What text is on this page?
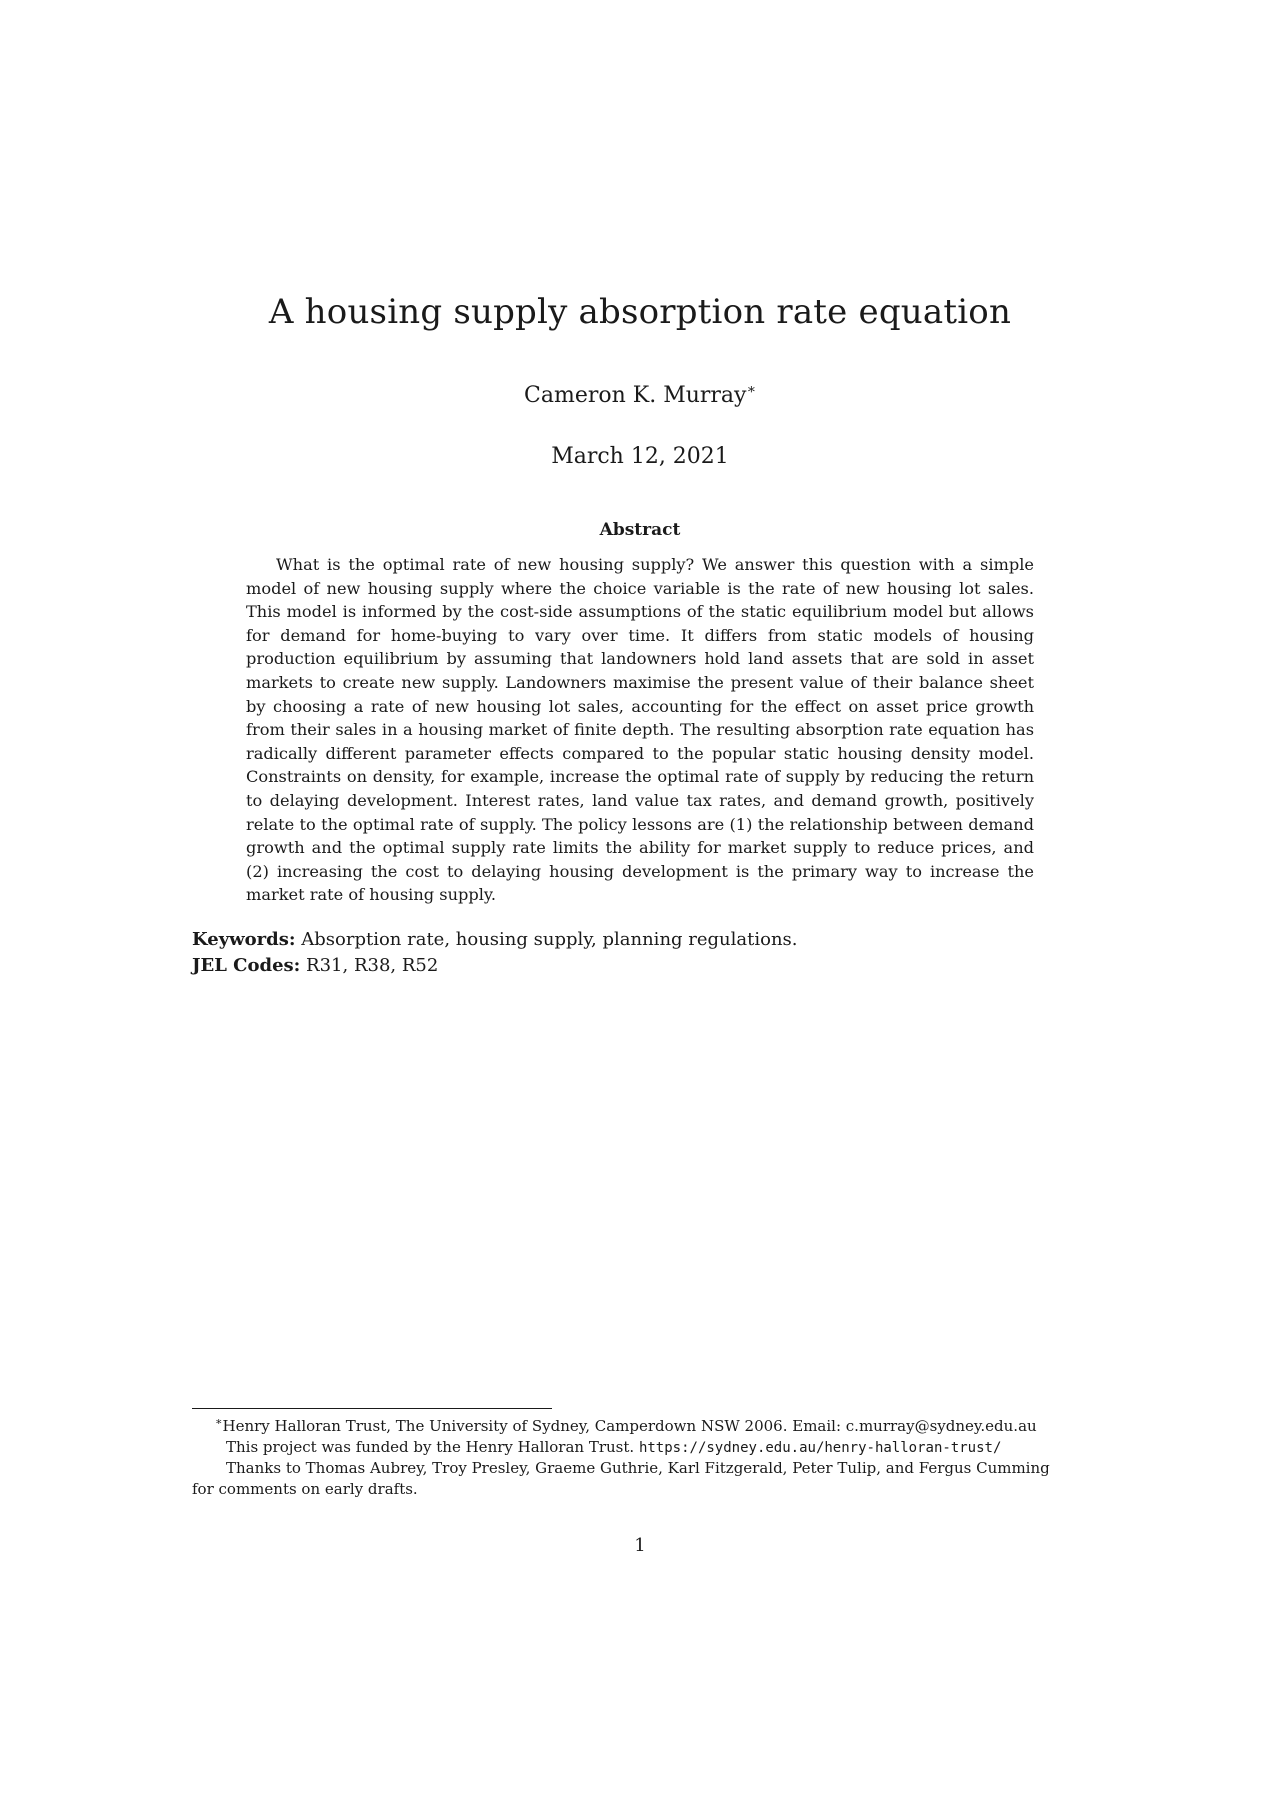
A housing supply absorption rate equation
Cameron K. Murray∗
March 12, 2021
Abstract

What is the optimal rate of new housing supply? We answer this question with a simple model of new housing supply where the choice variable is the rate of new housing lot sales. This model is informed by the cost-side assumptions of the static equilibrium model but allows for demand for home-buying to vary over time. It differs from static models of housing production equilibrium by assuming that landowners hold land assets that are sold in asset markets to create new supply. Landowners maximise the present value of their balance sheet by choosing a rate of new housing lot sales, accounting for the effect on asset price growth from their sales in a housing market of finite depth. The resulting absorption rate equation has radically different parameter effects compared to the popular static housing density model. Constraints on density, for example, increase the optimal rate of supply by reducing the return to delaying development. Interest rates, land value tax rates, and demand growth, positively relate to the optimal rate of supply. The policy lessons are (1) the relationship between demand growth and the optimal supply rate limits the ability for market supply to reduce prices, and (2) increasing the cost to delaying housing development is the primary way to increase the market rate of housing supply.

Keywords: Absorption rate, housing supply, planning regulations.
JEL Codes: R31, R38, R52
∗Henry Halloran Trust, The University of Sydney, Camperdown NSW 2006. Email: c.murray@sydney.edu.au
This project was funded by the Henry Halloran Trust. https://sydney.edu.au/henry-halloran-trust/
Thanks to Thomas Aubrey, Troy Presley, Graeme Guthrie, Karl Fitzgerald, Peter Tulip, and Fergus Cumming
for comments on early drafts.
1
